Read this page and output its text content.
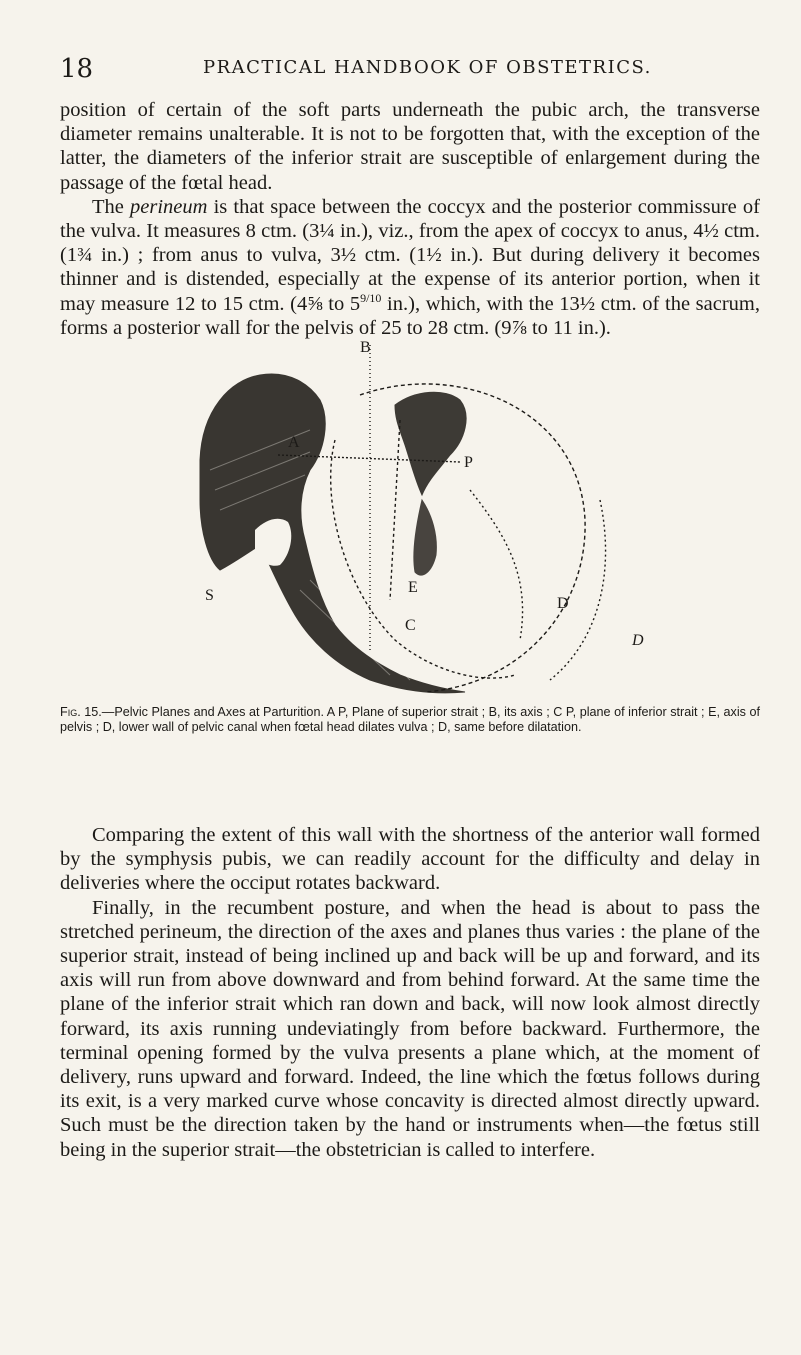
18	PRACTICAL HANDBOOK OF OBSTETRICS.

position of certain of the soft parts underneath the pubic arch, the transverse diameter remains unalterable. It is not to be forgotten that, with the exception of the latter, the diameters of the inferior strait are susceptible of enlargement during the passage of the fœtal head.

The perineum is that space between the coccyx and the posterior commissure of the vulva. It measures 8 ctm. (3¼ in.), viz., from the apex of coccyx to anus, 4½ ctm. (1¾ in.) ; from anus to vulva, 3½ ctm. (1½ in.). But during delivery it becomes thinner and is distended, especially at the expense of its anterior portion, when it may measure 12 to 15 ctm. (4⅝ to $5^{9/10}$ in.), which, with the 13½ ctm. of the sacrum, forms a posterior wall for the pelvis of 25 to 28 ctm. (9⅞ to 11 in.).

B
A
P
S	E
C
D
D
Fig. 15.—Pelvic Planes and Axes at Parturition. A P, Plane of superior strait ; B, its axis ; C P, plane of inferior strait ; E, axis of pelvis ; D, lower wall of pelvic canal when fœtal head dilates vulva ; D, same before dilatation.

Comparing the extent of this wall with the shortness of the anterior wall formed by the symphysis pubis, we can readily account for the difficulty and delay in deliveries where the occiput rotates backward.

Finally, in the recumbent posture, and when the head is about to pass the stretched perineum, the direction of the axes and planes thus varies : the plane of the superior strait, instead of being inclined up and back will be up and forward, and its axis will run from above downward and from behind forward. At the same time the plane of the inferior strait which ran down and back, will now look almost directly forward, its axis running undeviatingly from before backward. Furthermore, the terminal opening formed by the vulva presents a plane which, at the moment of delivery, runs upward and forward. Indeed, the line which the fœtus follows during its exit, is a very marked curve whose concavity is directed almost directly upward. Such must be the direction taken by the hand or instruments when—the fœtus still being in the superior strait—the obstetrician is called to interfere.
